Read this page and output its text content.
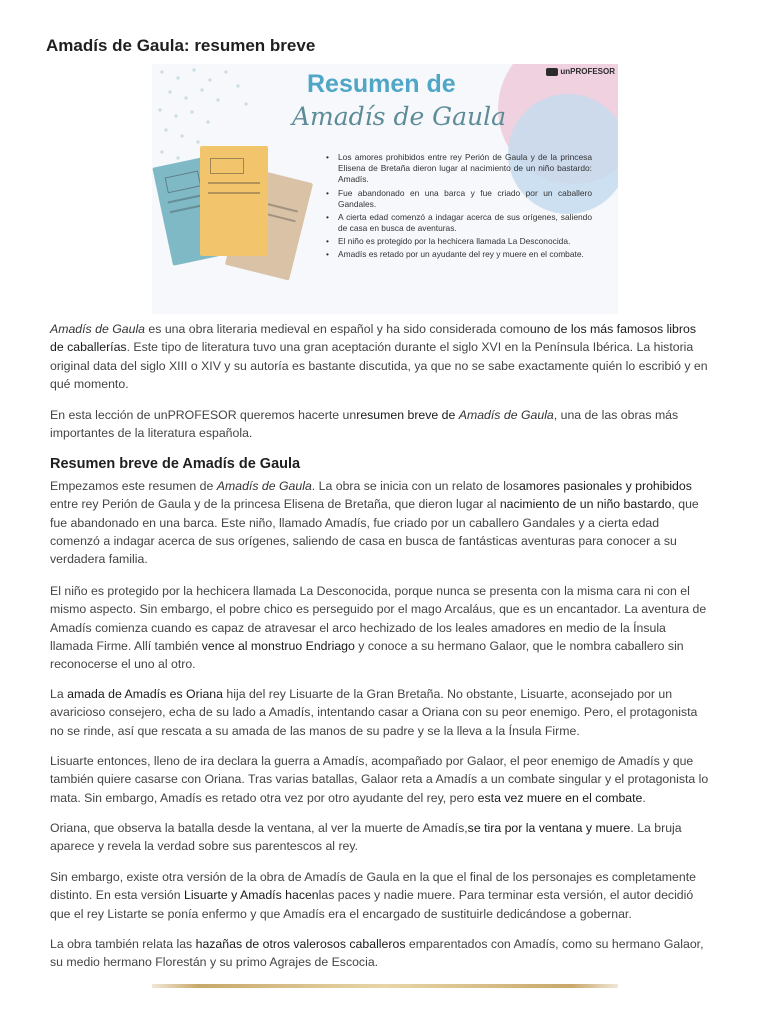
Amadís de Gaula: resumen breve
unPROFESOR
Resumen de
Amadís de Gaula
• Los amores prohibidos entre rey Perión de Gaula y de la princesa Elisena de Bretaña dieron lugar al nacimiento de un niño bastardo: Amadís.
• Fue abandonado en una barca y fue criado por un caballero Gandales.
• A cierta edad comenzó a indagar acerca de sus orígenes, saliendo de casa en busca de aventuras.
• El niño es protegido por la hechicera llamada La Desconocida.
• Amadís es retado por un ayudante del rey y muere en el combate.

Amadís de Gaula es una obra literaria medieval en español y ha sido considerada comouno de los más famosos libros de caballerías. Este tipo de literatura tuvo una gran aceptación durante el siglo XVI en la Península Ibérica. La historia original data del siglo XIII o XIV y su autoría es bastante discutida, ya que no se sabe exactamente quién lo escribió y en qué momento.

En esta lección de unPROFESOR queremos hacerte unresumen breve de Amadís de Gaula, una de las obras más importantes de la literatura española.

Resumen breve de Amadís de Gaula

Empezamos este resumen de Amadís de Gaula. La obra se inicia con un relato de losamores pasionales y prohibidos entre rey Perión de Gaula y de la princesa Elisena de Bretaña, que dieron lugar al nacimiento de un niño bastardo, que fue abandonado en una barca. Este niño, llamado Amadís, fue criado por un caballero Gandales y a cierta edad comenzó a indagar acerca de sus orígenes, saliendo de casa en busca de fantásticas aventuras para conocer a su verdadera familia.

El niño es protegido por la hechicera llamada La Desconocida, porque nunca se presenta con la misma cara ni con el mismo aspecto. Sin embargo, el pobre chico es perseguido por el mago Arcaláus, que es un encantador. La aventura de Amadís comienza cuando es capaz de atravesar el arco hechizado de los leales amadores en medio de la Ínsula llamada Firme. Allí también vence al monstruo Endriago y conoce a su hermano Galaor, que le nombra caballero sin reconocerse el uno al otro.

La amada de Amadís es Oriana hija del rey Lisuarte de la Gran Bretaña. No obstante, Lisuarte, aconsejado por un avaricioso consejero, echa de su lado a Amadís, intentando casar a Oriana con su peor enemigo. Pero, el protagonista no se rinde, así que rescata a su amada de las manos de su padre y se la lleva a la Ínsula Firme.

Lisuarte entonces, lleno de ira declara la guerra a Amadís, acompañado por Galaor, el peor enemigo de Amadís y que también quiere casarse con Oriana. Tras varias batallas, Galaor reta a Amadís a un combate singular y el protagonista lo mata. Sin embargo, Amadís es retado otra vez por otro ayudante del rey, pero esta vez muere en el combate.

Oriana, que observa la batalla desde la ventana, al ver la muerte de Amadís,se tira por la ventana y muere. La bruja aparece y revela la verdad sobre sus parentescos al rey.

Sin embargo, existe otra versión de la obra de Amadís de Gaula en la que el final de los personajes es completamente distinto. En esta versión Lisuarte y Amadís hacenlas paces y nadie muere. Para terminar esta versión, el autor decidió que el rey Listarte se ponía enfermo y que Amadís era el encargado de sustituirle dedicándose a gobernar.

La obra también relata las hazañas de otros valerosos caballeros emparentados con Amadís, como su hermano Galaor, su medio hermano Florestán y su primo Agrajes de Escocia.
